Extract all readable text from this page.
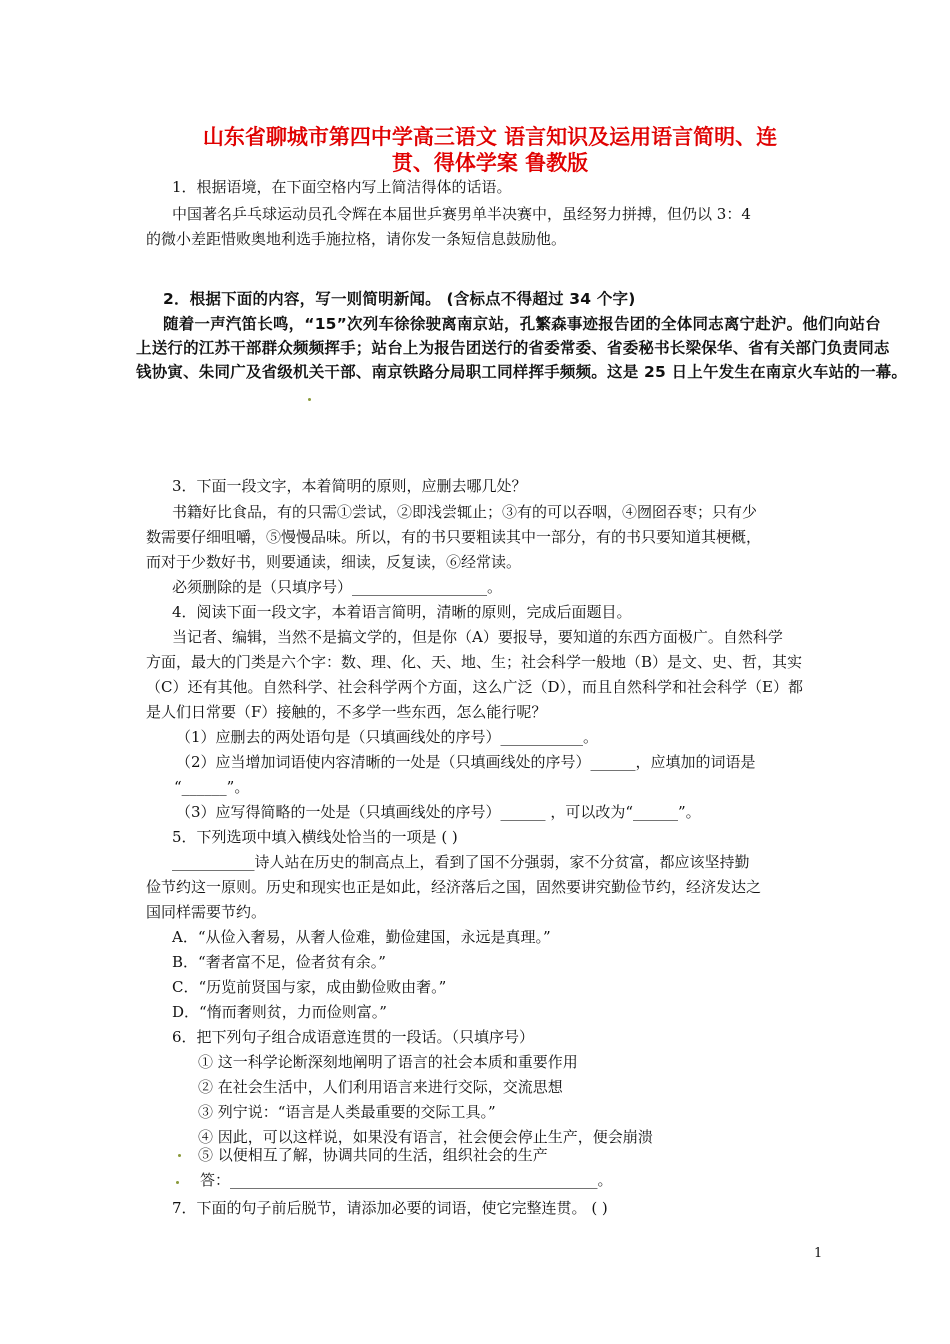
山东省聊城市第四中学高三语文 语言知识及运用语言简明、连
贯、得体学案 鲁教版
1．根据语境，在下面空格内写上简洁得体的话语。
中国著名乒乓球运动员孔令辉在本届世乒赛男单半决赛中，虽经努力拼搏，但仍以 3：4
的微小差距惜败奥地利选手施拉格，请你发一条短信息鼓励他。
2．根据下面的内容，写一则简明新闻。 (含标点不得超过 34 个字)
随着一声汽笛长鸣，“15”次列车徐徐驶离南京站，孔繁森事迹报告团的全体同志离宁赴沪。他们向站台
上送行的江苏干部群众频频挥手；站台上为报告团送行的省委常委、省委秘书长梁保华、省有关部门负责同志
钱协寅、朱同广及省级机关干部、南京铁路分局职工同样挥手频频。这是 25 日上午发生在南京火车站的一幕。
3．下面一段文字，本着简明的原则，应删去哪几处？
书籍好比食品，有的只需①尝试，②即浅尝辄止；③有的可以吞咽，④囫囵吞枣；只有少
数需要仔细咀嚼，⑤慢慢品味。所以，有的书只要粗读其中一部分，有的书只要知道其梗概，
而对于少数好书，则要通读，细读，反复读，⑥经常读。
必须删除的是（只填序号）__________________。
4．阅读下面一段文字，本着语言简明，清晰的原则，完成后面题目。
当记者、编辑，当然不是搞文学的，但是你（A）要报导，要知道的东西方面极广。自然科学
方面，最大的门类是六个字：数、理、化、天、地、生；社会科学一般地（B）是文、史、哲，其实
（C）还有其他。自然科学、社会科学两个方面，这么广泛（D），而且自然科学和社会科学（E）都
是人们日常要（F）接触的，不多学一些东西，怎么能行呢？
（1）应删去的两处语句是（只填画线处的序号）___________。
（2）应当增加词语使内容清晰的一处是（只填画线处的序号）______，应填加的词语是
“______”。
（3）应写得简略的一处是（只填画线处的序号）______ ，可以改为“______”。
5．下列选项中填入横线处恰当的一项是 ( )
___________诗人站在历史的制高点上，看到了国不分强弱，家不分贫富，都应该坚持勤
俭节约这一原则。历史和现实也正是如此，经济落后之国，固然要讲究勤俭节约，经济发达之
国同样需要节约。
A．“从俭入奢易，从奢人俭难，勤俭建国，永远是真理。”
B．“奢者富不足，俭者贫有余。”
C．“历览前贤国与家，成由勤俭败由奢。”
D．“惰而奢则贫，力而俭则富。”
6．把下列句子组合成语意连贯的一段话。（只填序号）
① 这一科学论断深刻地阐明了语言的社会本质和重要作用
② 在社会生活中，人们利用语言来进行交际，交流思想
③ 列宁说：“语言是人类最重要的交际工具。”
④ 因此，可以这样说，如果没有语言，社会便会停止生产，便会崩溃
⑤ 以便相互了解，协调共同的生活，组织社会的生产
答：_________________________________________________。
7．下面的句子前后脱节，请添加必要的词语，使它完整连贯。 ( )
1
